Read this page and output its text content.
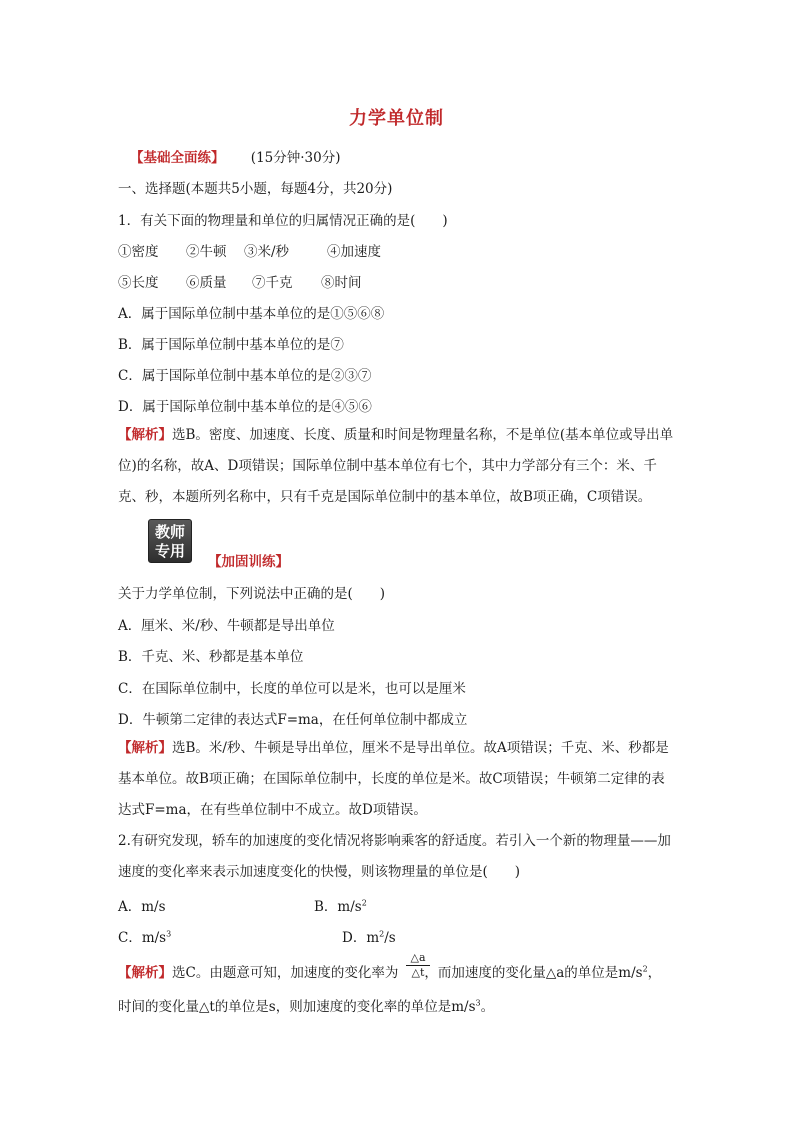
力学单位制
【基础全面练】 (15分钟·30分)
一、选择题(本题共5小题，每题4分，共20分)
1．有关下面的物理量和单位的归属情况正确的是(　　)
①密度 ②牛顿 ③米/秒	④加速度
⑤长度 ⑥质量 ⑦千克 ⑧时间
A．属于国际单位制中基本单位的是①⑤⑥⑧
B．属于国际单位制中基本单位的是⑦
C．属于国际单位制中基本单位的是②③⑦
D．属于国际单位制中基本单位的是④⑤⑥
【解析】选B。密度、加速度、长度、质量和时间是物理量名称，不是单位(基本单位或导出单位)的名称，故A、D项错误；国际单位制中基本单位有七个，其中力学部分有三个：米、千克、秒，本题所列名称中，只有千克是国际单位制中的基本单位，故B项正确，C项错误。
教师
专用
【加固训练】
关于力学单位制，下列说法中正确的是(　　)
A．厘米、米/秒、牛顿都是导出单位
B．千克、米、秒都是基本单位
C．在国际单位制中，长度的单位可以是米，也可以是厘米
D．牛顿第二定律的表达式F=ma，在任何单位制中都成立
【解析】选B。米/秒、牛顿是导出单位，厘米不是导出单位。故A项错误；千克、米、秒都是基本单位。故B项正确；在国际单位制中，长度的单位是米。故C项错误；牛顿第二定律的表达式F=ma，在有些单位制中不成立。故D项错误。
2.有研究发现，轿车的加速度的变化情况将影响乘客的舒适度。若引入一个新的物理量——加速度的变化率来表示加速度变化的快慢，则该物理量的单位是(　　)
A．m/s	B．$m/s^2$
C．$m/s^3$	D．$m^2/s$
【解析】选C。由题意可知，加速度的变化率为 ，而加速度的变化量△a的单位是$m/s^2$，
$\frac{\triangle a}{\triangle t}$
时间的变化量△t的单位是s，则加速度的变化率的单位是$m/s^3$。
